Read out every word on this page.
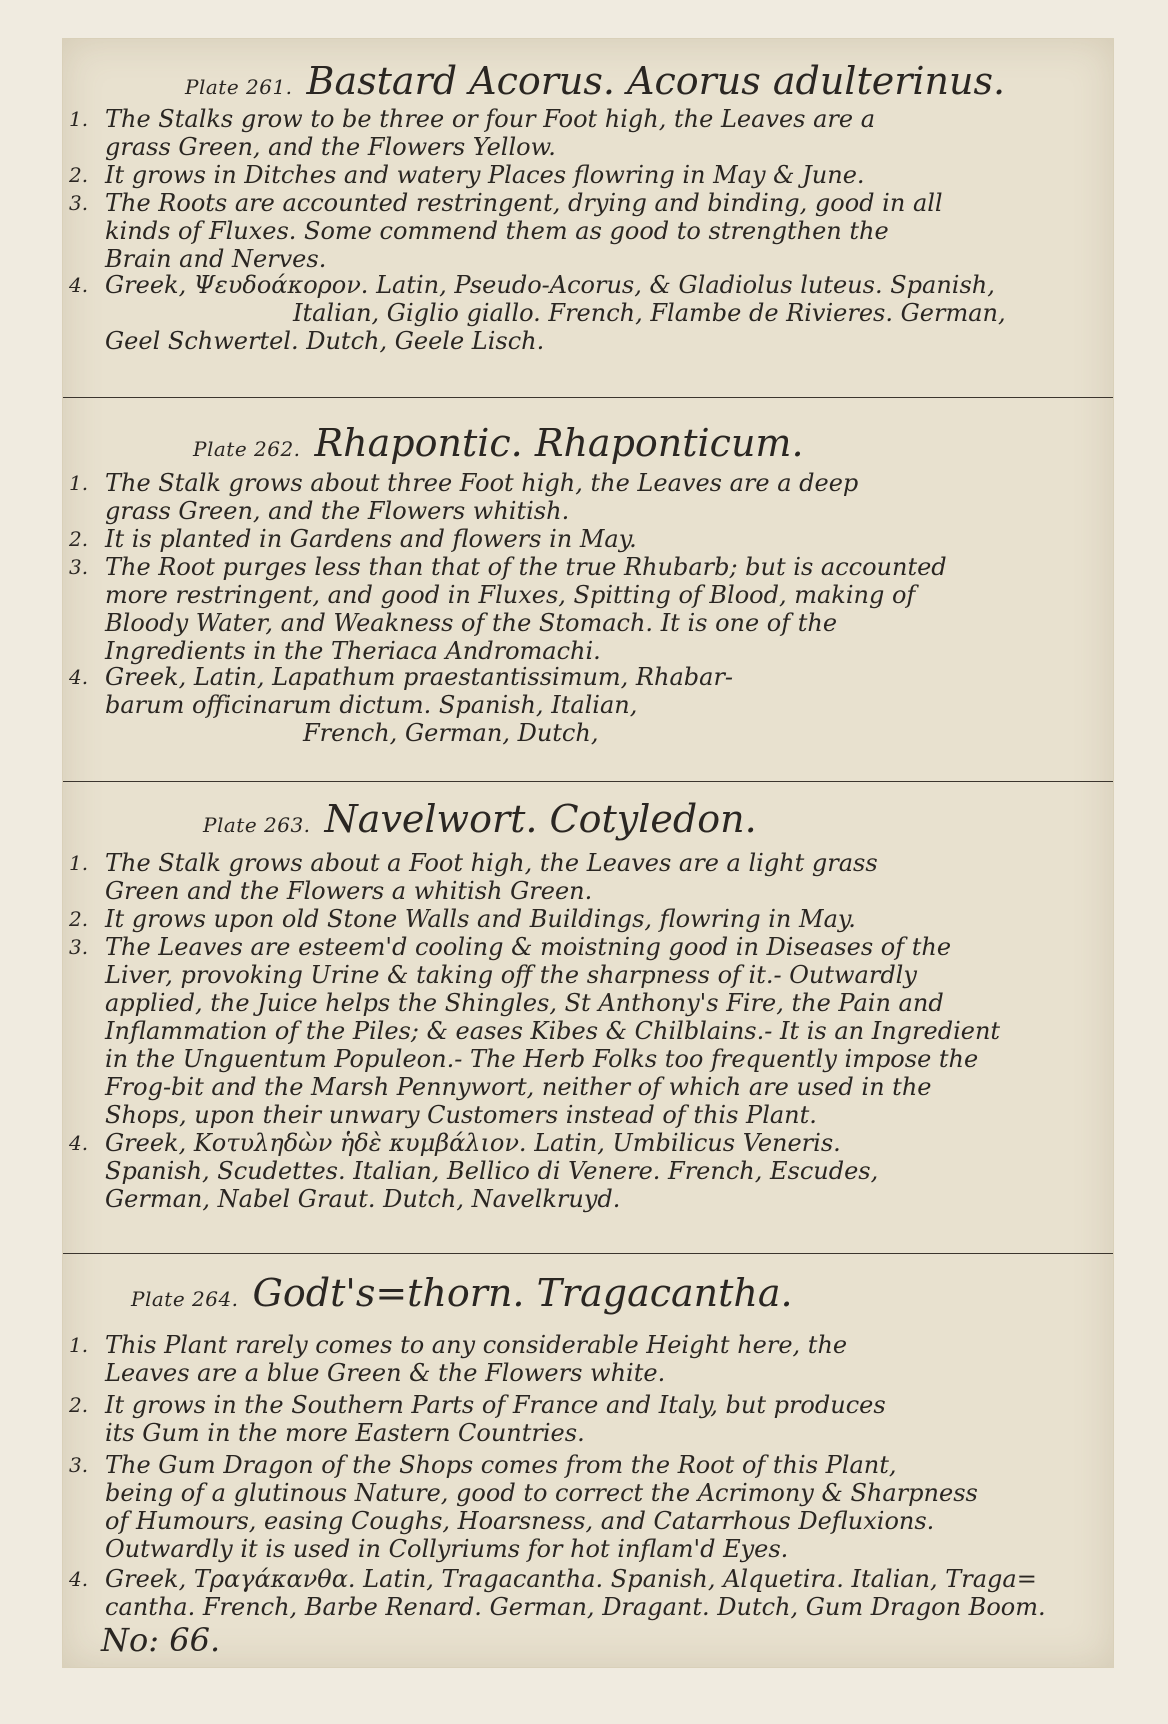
Plate 261. Bastard Acorus. Acorus adulterinus.
1. The Stalks grow to be three or four Foot high, the Leaves are a
grass Green, and the Flowers Yellow.
2. It grows in Ditches and watery Places flowring in May & June.
3. The Roots are accounted restringent, drying and binding, good in all
kinds of Fluxes. Some commend them as good to strengthen the
Brain and Nerves.
4. Greek, Ψευδοάκορον. Latin, Pseudo-Acorus, & Gladiolus luteus. Spanish,
Italian, Giglio giallo. French, Flambe de Rivieres. German,
Geel Schwertel. Dutch, Geele Lisch.
Plate 262. Rhapontic. Rhaponticum.
1. The Stalk grows about three Foot high, the Leaves are a deep
grass Green, and the Flowers whitish.
2. It is planted in Gardens and flowers in May.
3. The Root purges less than that of the true Rhubarb; but is accounted
more restringent, and good in Fluxes, Spitting of Blood, making of
Bloody Water, and Weakness of the Stomach. It is one of the
Ingredients in the Theriaca Andromachi.
4. Greek, Latin, Lapathum praestantissimum, Rhabar-
barum officinarum dictum. Spanish, Italian,
French, German, Dutch,
Plate 263. Navelwort. Cotyledon.
1. The Stalk grows about a Foot high, the Leaves are a light grass
Green and the Flowers a whitish Green.
2. It grows upon old Stone Walls and Buildings, flowring in May.
3. The Leaves are esteem'd cooling & moistning good in Diseases of the
Liver, provoking Urine & taking off the sharpness of it.- Outwardly
applied, the Juice helps the Shingles, St Anthony's Fire, the Pain and
Inflammation of the Piles; & eases Kibes & Chilblains.- It is an Ingredient
in the Unguentum Populeon.- The Herb Folks too frequently impose the
Frog-bit and the Marsh Pennywort, neither of which are used in the
Shops, upon their unwary Customers instead of this Plant.
4. Greek, Κοτυληδὼν ἡδὲ κυμβάλιον. Latin, Umbilicus Veneris.
Spanish, Scudettes. Italian, Bellico di Venere. French, Escudes,
German, Nabel Graut. Dutch, Navelkruyd.
Plate 264. Godt's=thorn. Tragacantha.
1. This Plant rarely comes to any considerable Height here, the
Leaves are a blue Green & the Flowers white.
2. It grows in the Southern Parts of France and Italy, but produces
its Gum in the more Eastern Countries.
3. The Gum Dragon of the Shops comes from the Root of this Plant,
being of a glutinous Nature, good to correct the Acrimony & Sharpness
of Humours, easing Coughs, Hoarsness, and Catarrhous Defluxions.
Outwardly it is used in Collyriums for hot inflam'd Eyes.
4. Greek, Τραγάκανθα. Latin, Tragacantha. Spanish, Alquetira. Italian, Traga=
cantha. French, Barbe Renard. German, Dragant. Dutch, Gum Dragon Boom.
No: 66.
